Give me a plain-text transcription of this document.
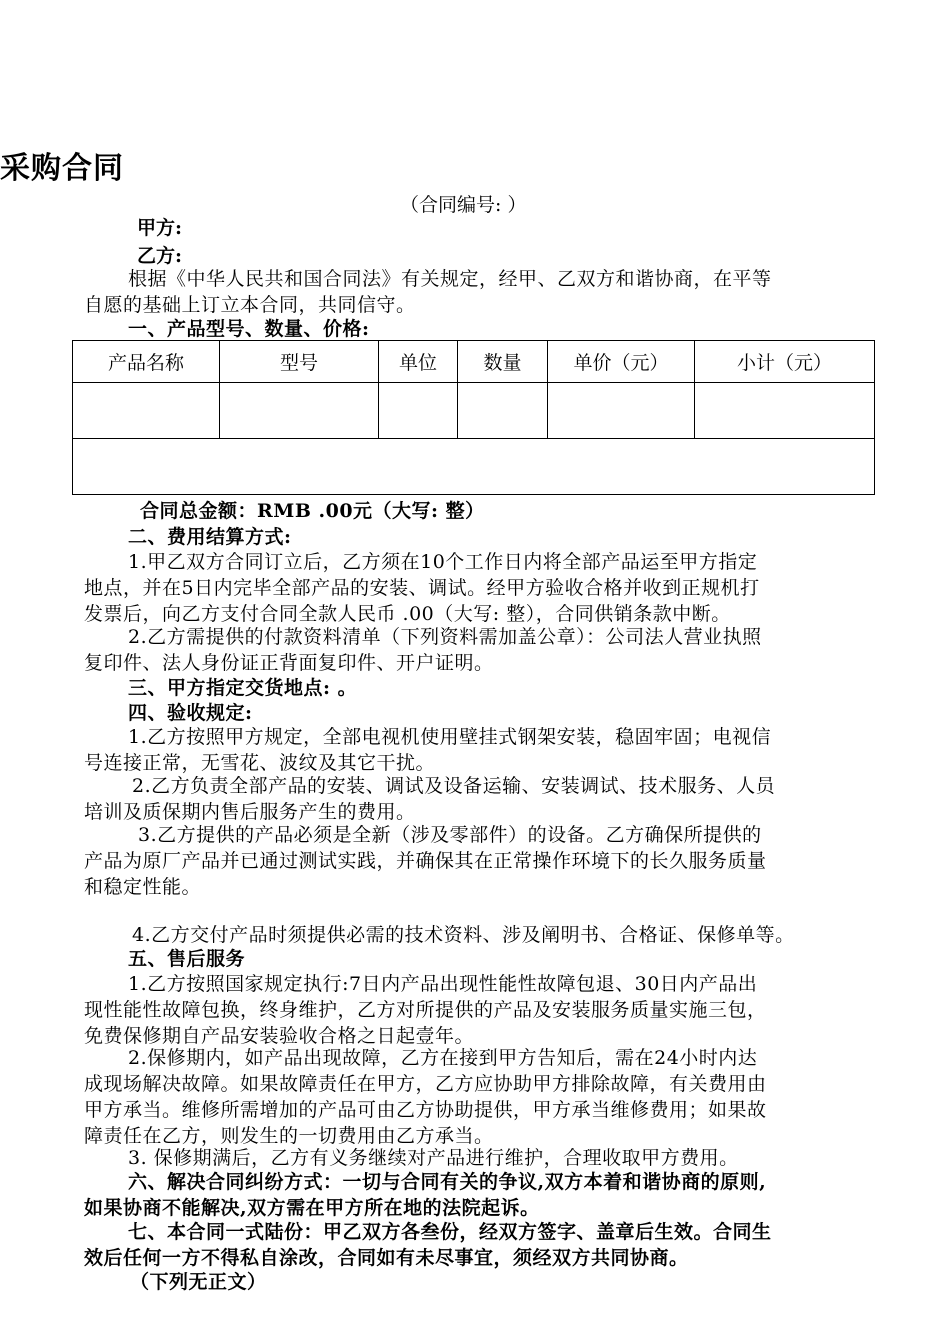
采购合同
（合同编号: ）
甲方:
乙方:
根据《中华人民共和国合同法》有关规定，经甲、乙双方和谐协商，在平等
自愿的基础上订立本合同，共同信守。
一、产品型号、数量、价格:
产品名称	型号	单位	数量	单价（元）	小计（元）

合同总金额：RMB .00元（大写: 整）
二、费用结算方式:
1.甲乙双方合同订立后，乙方须在10个工作日内将全部产品运至甲方指定
地点，并在5日内完毕全部产品的安装、调试。经甲方验收合格并收到正规机打
发票后，向乙方支付合同全款人民币 .00（大写: 整），合同供销条款中断。
2.乙方需提供的付款资料清单（下列资料需加盖公章）：公司法人营业执照
复印件、法人身份证正背面复印件、开户证明。
三、甲方指定交货地点: 。
四、验收规定:
1.乙方按照甲方规定，全部电视机使用壁挂式钢架安装，稳固牢固；电视信
号连接正常，无雪花、波纹及其它干扰。
2.乙方负责全部产品的安装、调试及设备运输、安装调试、技术服务、人员
培训及质保期内售后服务产生的费用。
3.乙方提供的产品必须是全新（涉及零部件）的设备。乙方确保所提供的
产品为原厂产品并已通过测试实践，并确保其在正常操作环境下的长久服务质量
和稳定性能。
4.乙方交付产品时须提供必需的技术资料、涉及阐明书、合格证、保修单等。
五、售后服务
1.乙方按照国家规定执行:7日内产品出现性能性故障包退、30日内产品出
现性能性故障包换，终身维护，乙方对所提供的产品及安装服务质量实施三包，
免费保修期自产品安装验收合格之日起壹年。
2.保修期内，如产品出现故障，乙方在接到甲方告知后，需在24小时内达
成现场解决故障。如果故障责任在甲方，乙方应协助甲方排除故障，有关费用由
甲方承当。维修所需增加的产品可由乙方协助提供，甲方承当维修费用；如果故
障责任在乙方，则发生的一切费用由乙方承当。
3. 保修期满后，乙方有义务继续对产品进行维护，合理收取甲方费用。
六、解决合同纠纷方式：一切与合同有关的争议,双方本着和谐协商的原则,
如果协商不能解决,双方需在甲方所在地的法院起诉。
七、本合同一式陆份：甲乙双方各叁份，经双方签字、盖章后生效。合同生
效后任何一方不得私自涂改，合同如有未尽事宜，须经双方共同协商。
（下列无正文）
